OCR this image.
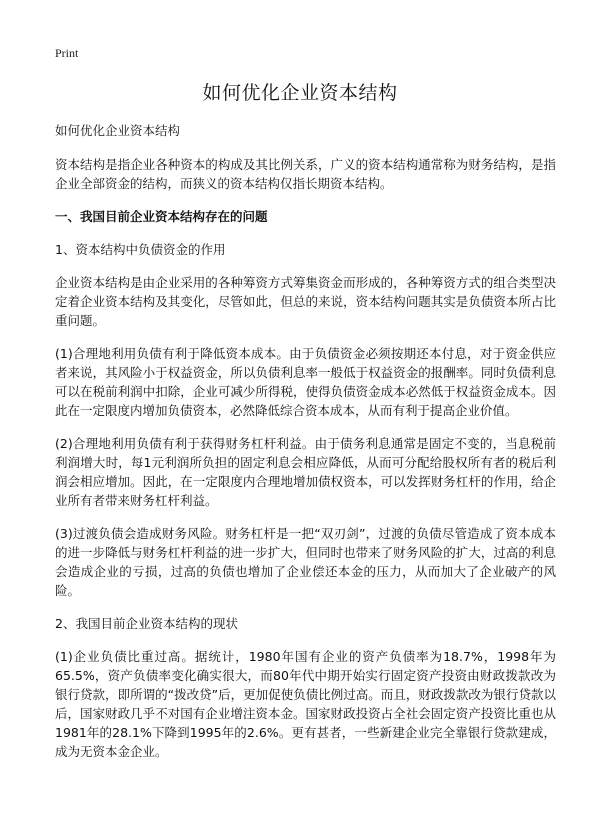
Print
如何优化企业资本结构

如何优化企业资本结构

资本结构是指企业各种资本的构成及其比例关系，广义的资本结构通常称为财务结构，是指企业全部资金的结构，而狭义的资本结构仅指长期资本结构。

一、我国目前企业资本结构存在的问题
1、资本结构中负债资金的作用

企业资本结构是由企业采用的各种筹资方式筹集资金而形成的，各种筹资方式的组合类型决定着企业资本结构及其变化，尽管如此，但总的来说，资本结构问题其实是负债资本所占比重问题。

(1)合理地利用负债有利于降低资本成本。由于负债资金必须按期还本付息，对于资金供应者来说，其风险小于权益资金，所以负债利息率一般低于权益资金的报酬率。同时负债利息可以在税前利润中扣除，企业可减少所得税，使得负债资金成本必然低于权益资金成本。因此在一定限度内增加负债资本，必然降低综合资本成本，从而有利于提高企业价值。

(2)合理地利用负债有利于获得财务杠杆利益。由于债务利息通常是固定不变的，当息税前利润增大时，每1元利润所负担的固定利息会相应降低，从而可分配给股权所有者的税后利润会相应增加。因此，在一定限度内合理地增加债权资本，可以发挥财务杠杆的作用，给企业所有者带来财务杠杆利益。

(3)过渡负债会造成财务风险。财务杠杆是一把“双刃剑”，过渡的负债尽管造成了资本成本的进一步降低与财务杠杆利益的进一步扩大，但同时也带来了财务风险的扩大，过高的利息会造成企业的亏损，过高的负债也增加了企业偿还本金的压力，从而加大了企业破产的风险。

2、我国目前企业资本结构的现状

(1)企业负债比重过高。据统计，1980年国有企业的资产负债率为18.7%，1998年为65.5%，资产负债率变化确实很大，而80年代中期开始实行固定资产投资由财政拨款改为银行贷款，即所谓的“拨改贷”后，更加促使负债比例过高。而且，财政拨款改为银行贷款以后，国家财政几乎不对国有企业增注资本金。国家财政投资占全社会固定资产投资比重也从1981年的28.1%下降到1995年的2.6%。更有甚者，一些新建企业完全靠银行贷款建成，成为无资本金企业。
